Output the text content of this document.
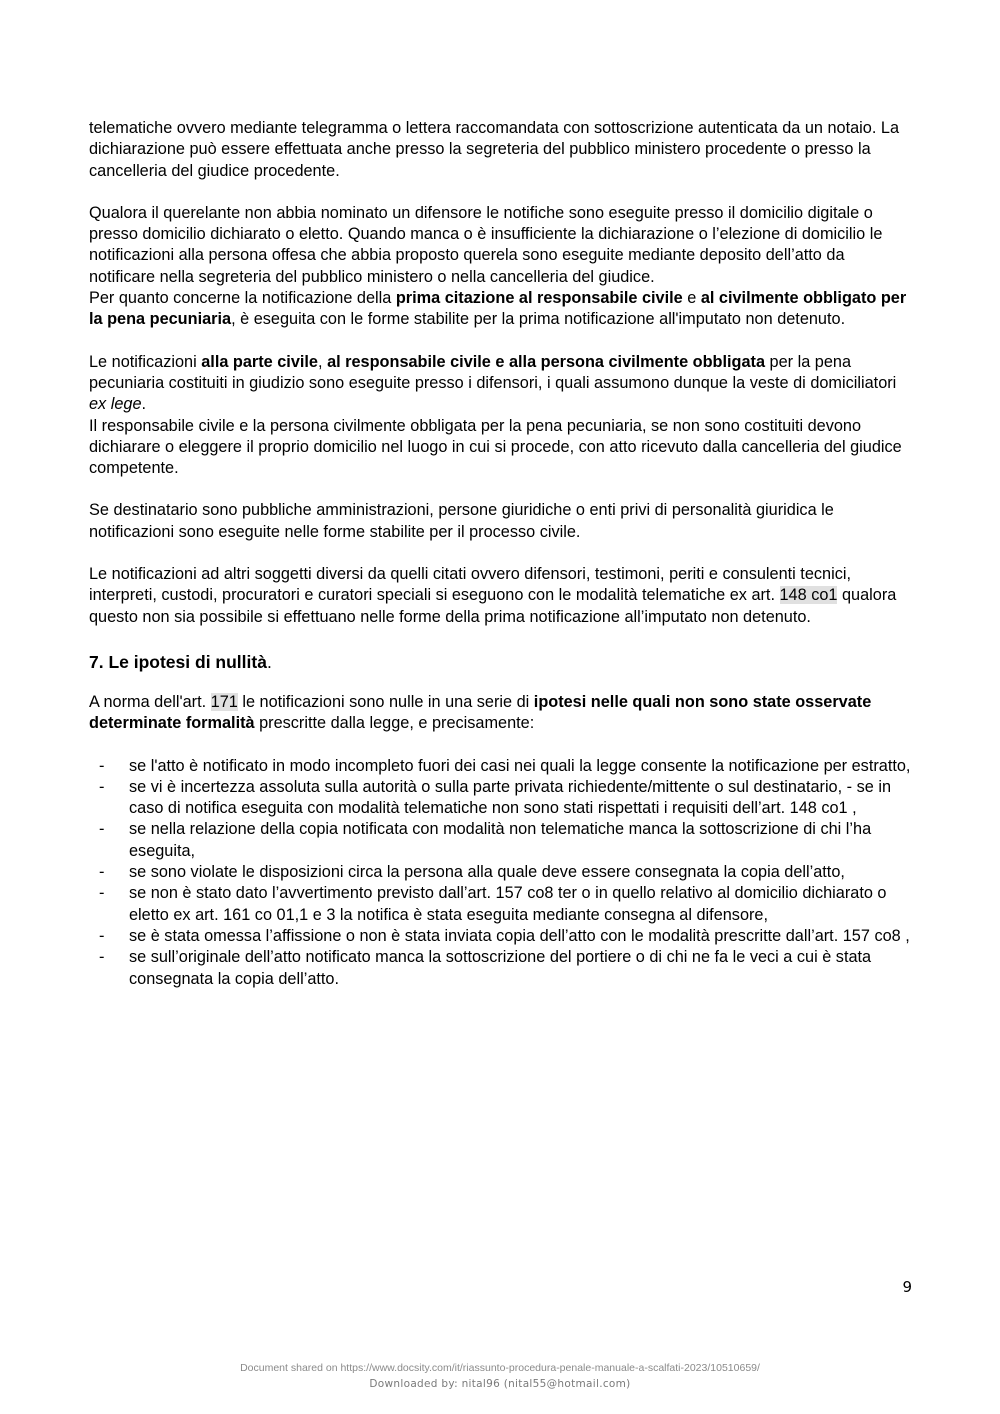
telematiche ovvero mediante telegramma o lettera raccomandata con sottoscrizione autenticata da un notaio. La dichiarazione può essere effettuata anche presso la segreteria del pubblico ministero procedente o presso la cancelleria del giudice procedente.

Qualora il querelante non abbia nominato un difensore le notifiche sono eseguite presso il domicilio digitale o presso domicilio dichiarato o eletto. Quando manca o è insufficiente la dichiarazione o l’elezione di domicilio le notificazioni alla persona offesa che abbia proposto querela sono eseguite mediante deposito dell’atto da notificare nella segreteria del pubblico ministero o nella cancelleria del giudice.

Per quanto concerne la notificazione della prima citazione al responsabile civile e al civilmente obbligato per la pena pecuniaria, è eseguita con le forme stabilite per la prima notificazione all'imputato non detenuto.

Le notificazioni alla parte civile, al responsabile civile e alla persona civilmente obbligata per la pena pecuniaria costituiti in giudizio sono eseguite presso i difensori, i quali assumono dunque la veste di domiciliatori ex lege.

Il responsabile civile e la persona civilmente obbligata per la pena pecuniaria, se non sono costituiti devono dichiarare o eleggere il proprio domicilio nel luogo in cui si procede, con atto ricevuto dalla cancelleria del giudice competente.

Se destinatario sono pubbliche amministrazioni, persone giuridiche o enti privi di personalità giuridica le notificazioni sono eseguite nelle forme stabilite per il processo civile.

Le notificazioni ad altri soggetti diversi da quelli citati ovvero difensori, testimoni, periti e consulenti tecnici, interpreti, custodi, procuratori e curatori speciali si eseguono con le modalità telematiche ex art. 148 co1 qualora questo non sia possibile si effettuano nelle forme della prima notificazione all’imputato non detenuto.

7. Le ipotesi di nullità.

A norma dell'art. 171 le notificazioni sono nulle in una serie di ipotesi nelle quali non sono state osservate determinate formalità prescritte dalla legge, e precisamente:

- se l'atto è notificato in modo incompleto fuori dei casi nei quali la legge consente la notificazione per estratto,
- se vi è incertezza assoluta sulla autorità o sulla parte privata richiedente/mittente o sul destinatario, - se in caso di notifica eseguita con modalità telematiche non sono stati rispettati i requisiti dell’art. 148 co1 ,
- se nella relazione della copia notificata con modalità non telematiche manca la sottoscrizione di chi l’ha eseguita,
- se sono violate le disposizioni circa la persona alla quale deve essere consegnata la copia dell’atto,
- se non è stato dato l’avvertimento previsto dall’art. 157 co8 ter o in quello relativo al domicilio dichiarato o eletto ex art. 161 co 01,1 e 3 la notifica è stata eseguita mediante consegna al difensore,
- se è stata omessa l’affissione o non è stata inviata copia dell’atto con le modalità prescritte dall’art. 157 co8 ,
- se sull’originale dell’atto notificato manca la sottoscrizione del portiere o di chi ne fa le veci a cui è stata consegnata la copia dell’atto.
9
Document shared on https://www.docsity.com/it/riassunto-procedura-penale-manuale-a-scalfati-2023/10510659/
Downloaded by: nital96 (nital55@hotmail.com)
